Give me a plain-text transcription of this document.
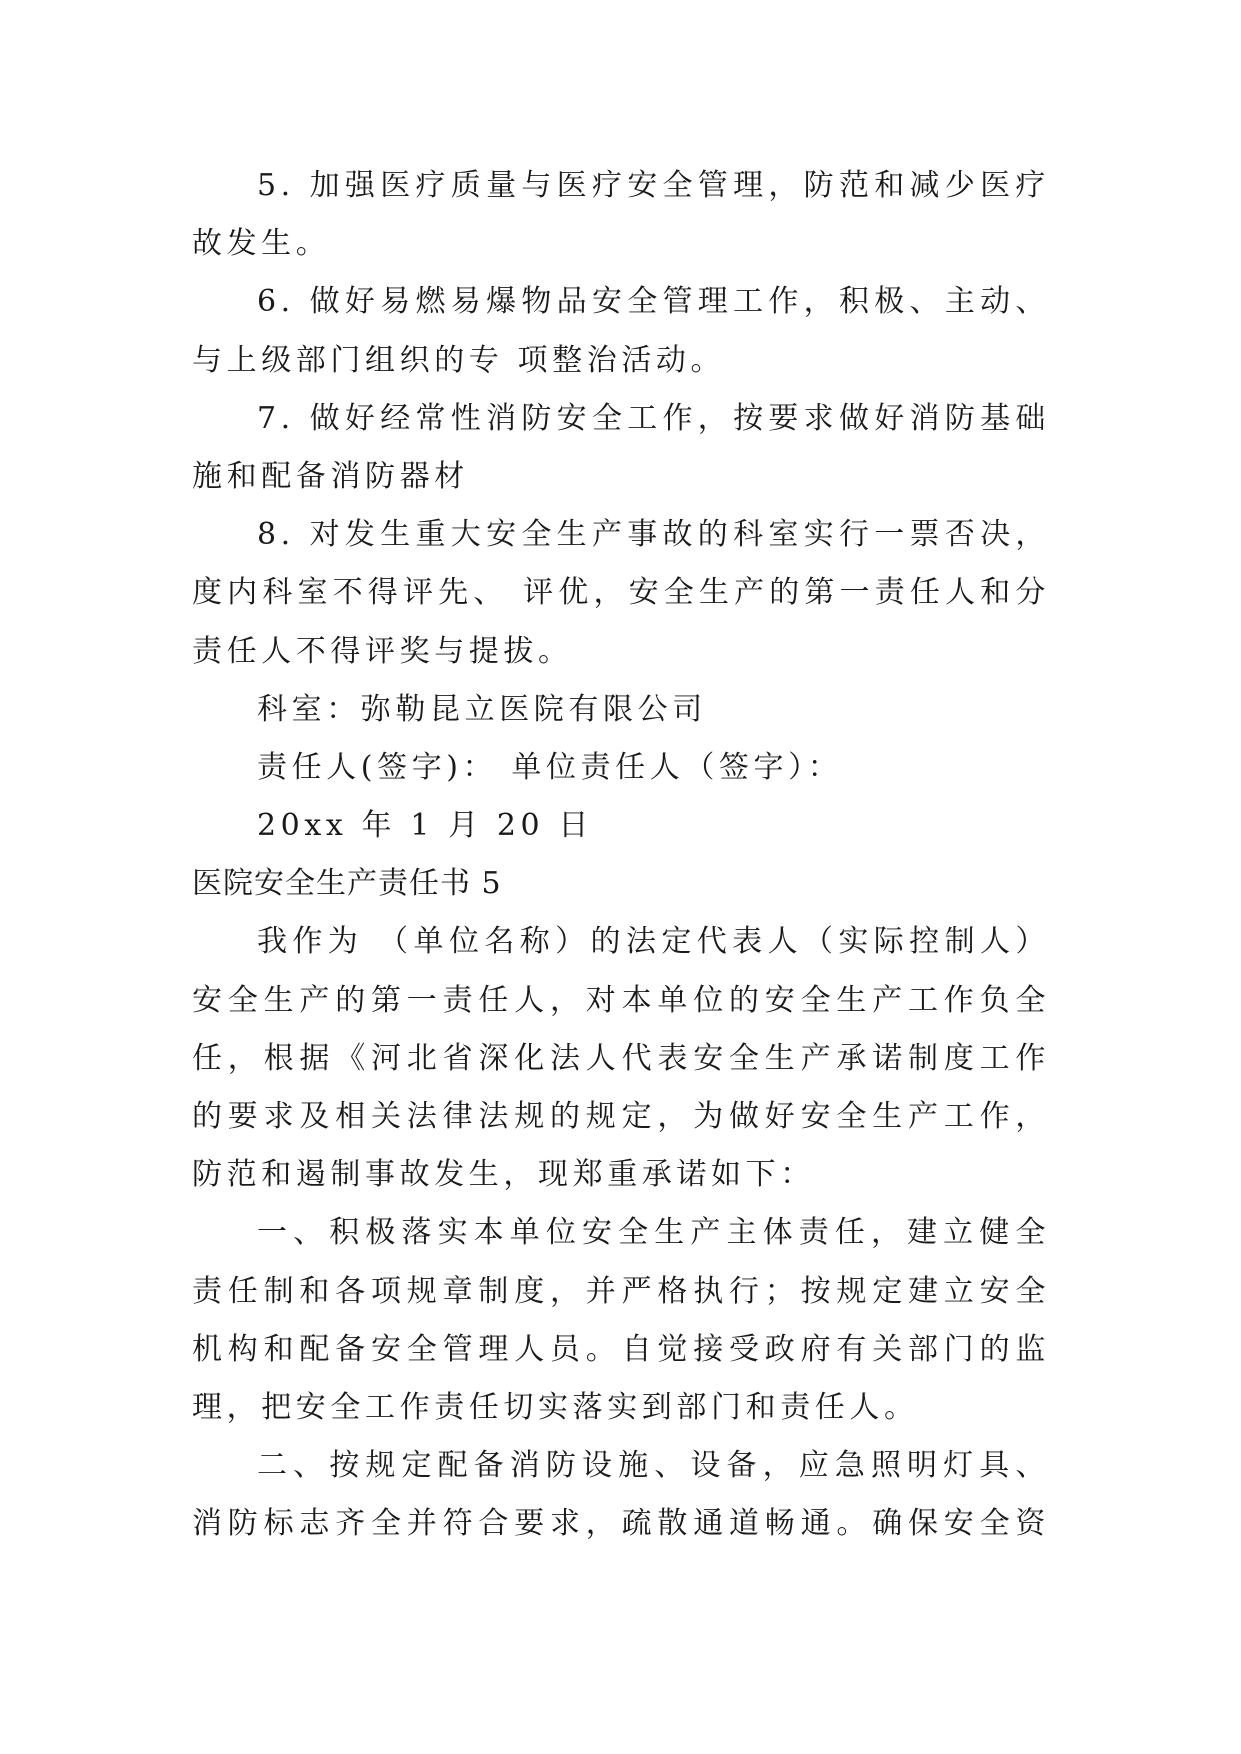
5. 加强医疗质量与医疗安全管理，防范和减少医疗
故发生。
6. 做好易燃易爆物品安全管理工作，积极、主动、
与上级部门组织的专 项整治活动。
7. 做好经常性消防安全工作，按要求做好消防基础
施和配备消防器材
8. 对发生重大安全生产事故的科室实行一票否决，
度内科室不得评先、 评优，安全生产的第一责任人和分
责任人不得评奖与提拔。
科室：弥勒昆立医院有限公司
责任人(签字)： 单位责任人（签字）：
20xx 年 1 月 20 日
医院安全生产责任书 5
我作为 （单位名称）的法定代表人（实际控制人）
安全生产的第一责任人，对本单位的安全生产工作负全
任，根据《河北省深化法人代表安全生产承诺制度工作
的要求及相关法律法规的规定，为做好安全生产工作，
防范和遏制事故发生，现郑重承诺如下：
一、积极落实本单位安全生产主体责任，建立健全
责任制和各项规章制度，并严格执行；按规定建立安全
机构和配备安全管理人员。自觉接受政府有关部门的监
理，把安全工作责任切实落实到部门和责任人。
二、按规定配备消防设施、设备，应急照明灯具、
消防标志齐全并符合要求，疏散通道畅通。确保安全资
